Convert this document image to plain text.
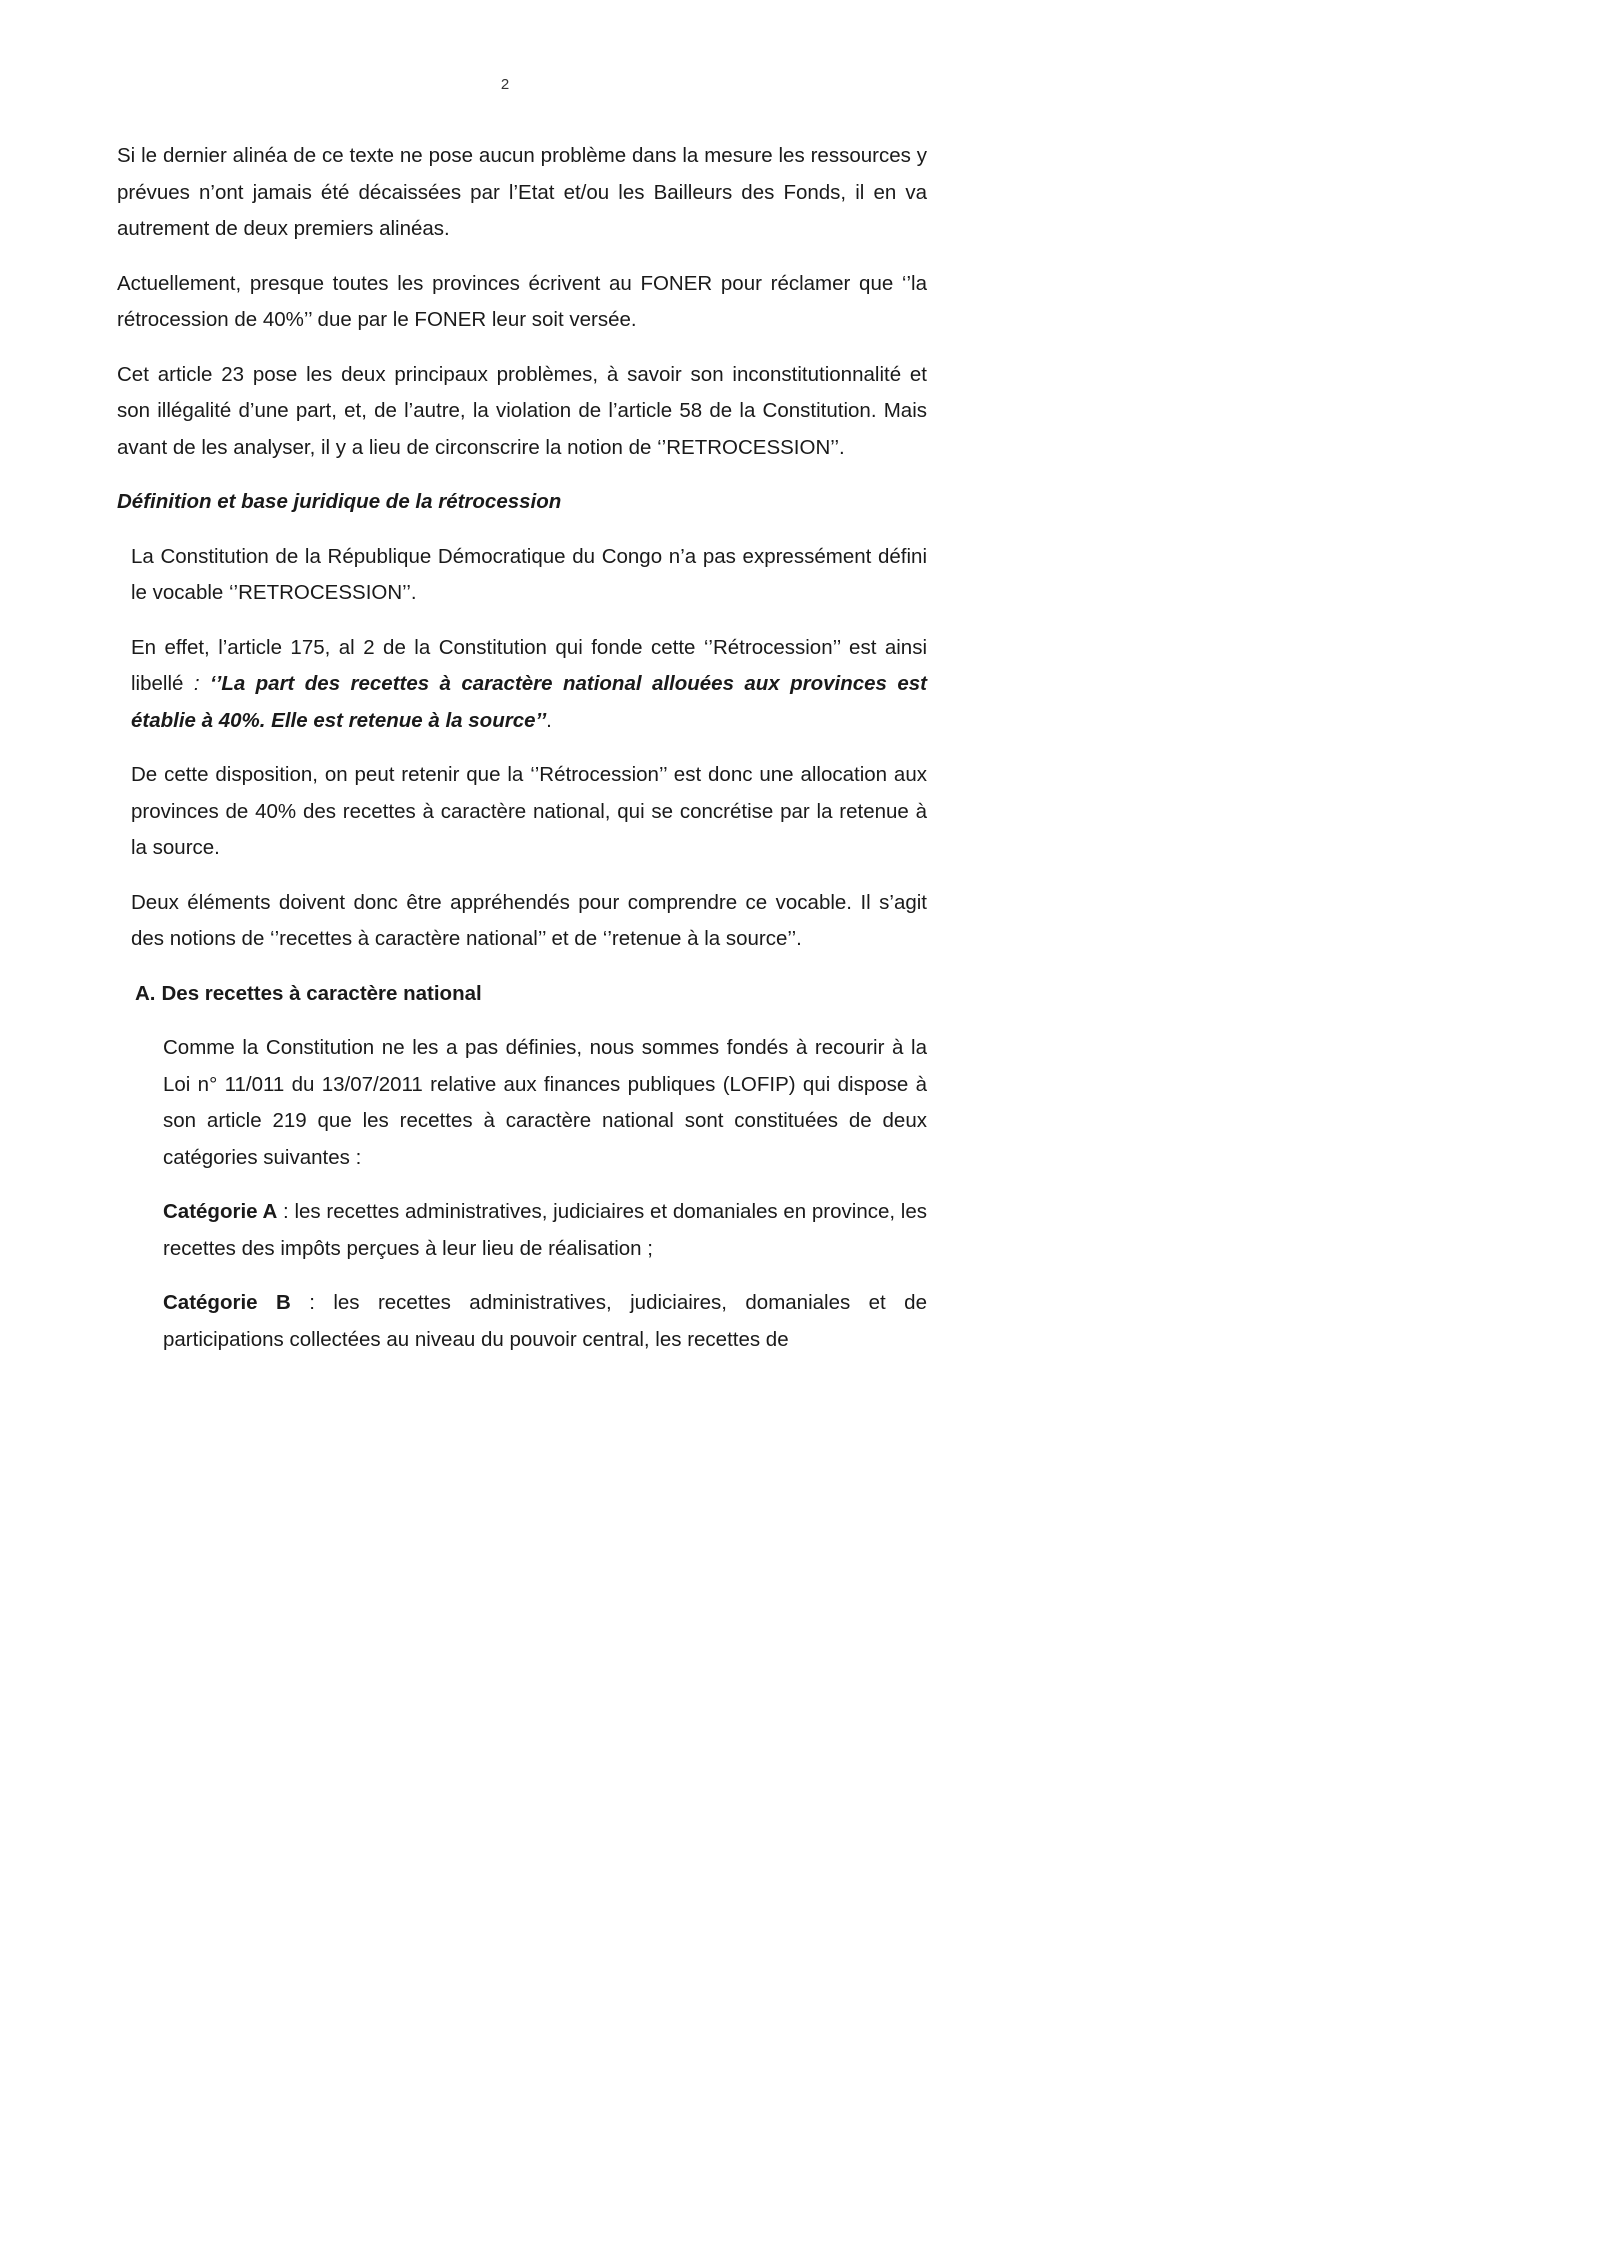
2

Si le dernier alinéa de ce texte ne pose aucun problème dans la mesure les ressources y prévues n’ont jamais été décaissées par l’Etat et/ou les Bailleurs des Fonds, il en va autrement de deux premiers alinéas.

Actuellement, presque toutes les provinces écrivent au FONER pour réclamer que ‘’la rétrocession de 40%’’ due par le FONER leur soit versée.

Cet article 23 pose les deux principaux problèmes, à savoir son inconstitutionnalité et son illégalité d’une part, et, de l’autre, la violation de l’article 58 de la Constitution. Mais avant de les analyser, il y a lieu de circonscrire la notion de ‘’RETROCESSION’’.

Définition et base juridique de la rétrocession

La Constitution de la République Démocratique du Congo n’a pas expressément défini le vocable ‘’RETROCESSION’’.

En effet, l’article 175, al 2 de la Constitution qui fonde cette ‘’Rétrocession’’ est ainsi libellé : ‘’La part des recettes à caractère national allouées aux provinces est établie à 40%. Elle est retenue à la source’’.

De cette disposition, on peut retenir que la ‘’Rétrocession’’ est donc une allocation aux provinces de 40% des recettes à caractère national, qui se concrétise par la retenue à la source.

Deux éléments doivent donc être appréhendés pour comprendre ce vocable. Il s’agit des notions de ‘’recettes à caractère national’’ et de ‘’retenue à la source’’.

A. Des recettes à caractère national

Comme la Constitution ne les a pas définies, nous sommes fondés à recourir à la Loi n° 11/011 du 13/07/2011 relative aux finances publiques (LOFIP) qui dispose à son article 219 que les recettes à caractère national sont constituées de deux catégories suivantes :

Catégorie A : les recettes administratives, judiciaires et domaniales en province, les recettes des impôts perçues à leur lieu de réalisation ;

Catégorie B : les recettes administratives, judiciaires, domaniales et de participations collectées au niveau du pouvoir central, les recettes de
